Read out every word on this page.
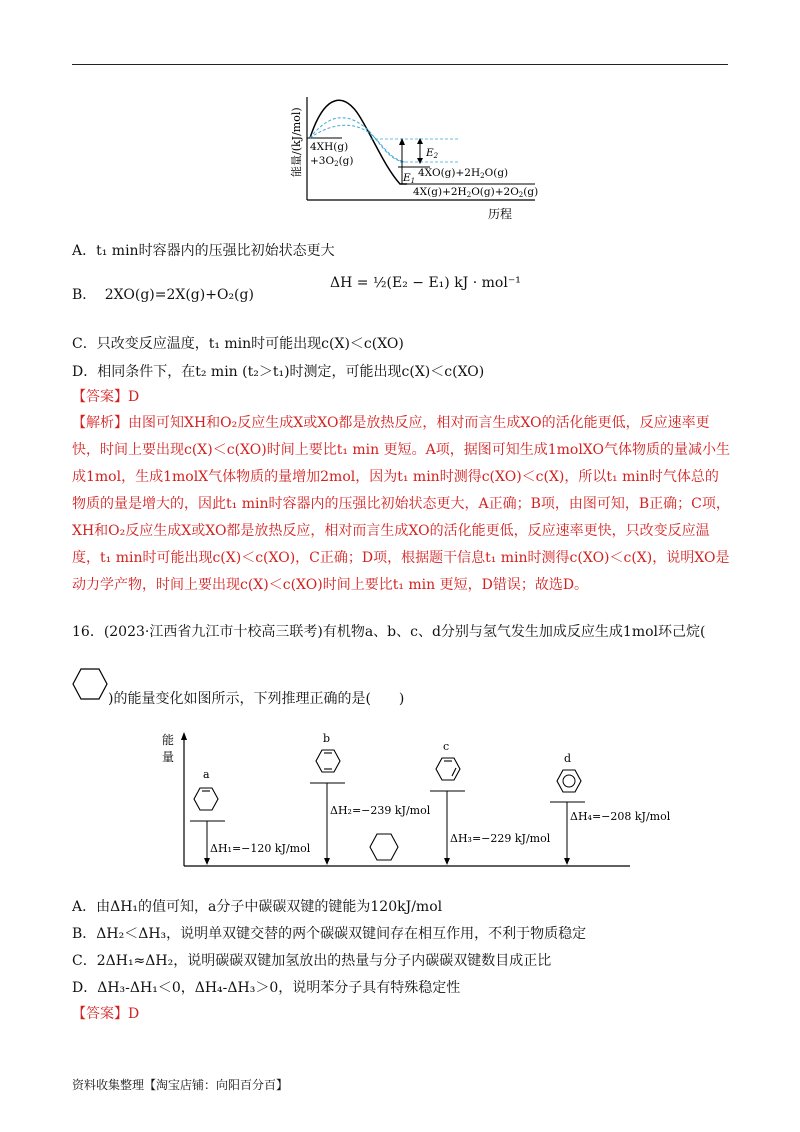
能量/(kJ/mol)
历程
4XH(g)
+3O2(g)
E2
E1
4XO(g)+2H2O(g)
4X(g)+2H2O(g)+2O2(g)
A．t₁ min时容器内的压强比初始状态更大
B． 2XO(g)=2X(g)+O₂(g)
ΔH = ½(E₂ − E₁) kJ · mol⁻¹
C．只改变反应温度，t₁ min时可能出现c(X)＜c(XO)
D．相同条件下，在t₂ min (t₂＞t₁)时测定，可能出现c(X)＜c(XO)
【答案】D
【解析】由图可知XH和O₂反应生成X或XO都是放热反应，相对而言生成XO的活化能更低，反应速率更快，时间上要出现c(X)＜c(XO)时间上要比t₁ min 更短。A项，据图可知生成1molXO气体物质的量减小生成1mol，生成1molX气体物质的量增加2mol，因为t₁ min时测得c(XO)＜c(X)，所以t₁ min时气体总的物质的量是增大的，因此t₁ min时容器内的压强比初始状态更大，A正确；B项，由图可知，B正确；C项，XH和O₂反应生成X或XO都是放热反应，相对而言生成XO的活化能更低，反应速率更快，只改变反应温度，t₁ min时可能出现c(X)＜c(XO)，C正确；D项，根据题干信息t₁ min时测得c(XO)＜c(X)，说明XO是动力学产物，时间上要出现c(X)＜c(XO)时间上要比t₁ min 更短，D错误；故选D。
16．(2023·江西省九江市十校高三联考)有机物a、b、c、d分别与氢气发生加成反应生成1mol环己烷(
)的能量变化如图所示，下列推理正确的是(　　)
能
量
a
ΔH₁=−120 kJ/mol
b
ΔH₂=−239 kJ/mol
c
ΔH₃=−229 kJ/mol
d
ΔH₄=−208 kJ/mol
A．由ΔH₁的值可知，a分子中碳碳双键的键能为120kJ/mol
B．ΔH₂＜ΔH₃，说明单双键交替的两个碳碳双键间存在相互作用，不利于物质稳定
C．2ΔH₁≈ΔH₂，说明碳碳双键加氢放出的热量与分子内碳碳双键数目成正比
D．ΔH₃-ΔH₁＜0，ΔH₄-ΔH₃＞0，说明苯分子具有特殊稳定性
【答案】D
资料收集整理【淘宝店铺：向阳百分百】
